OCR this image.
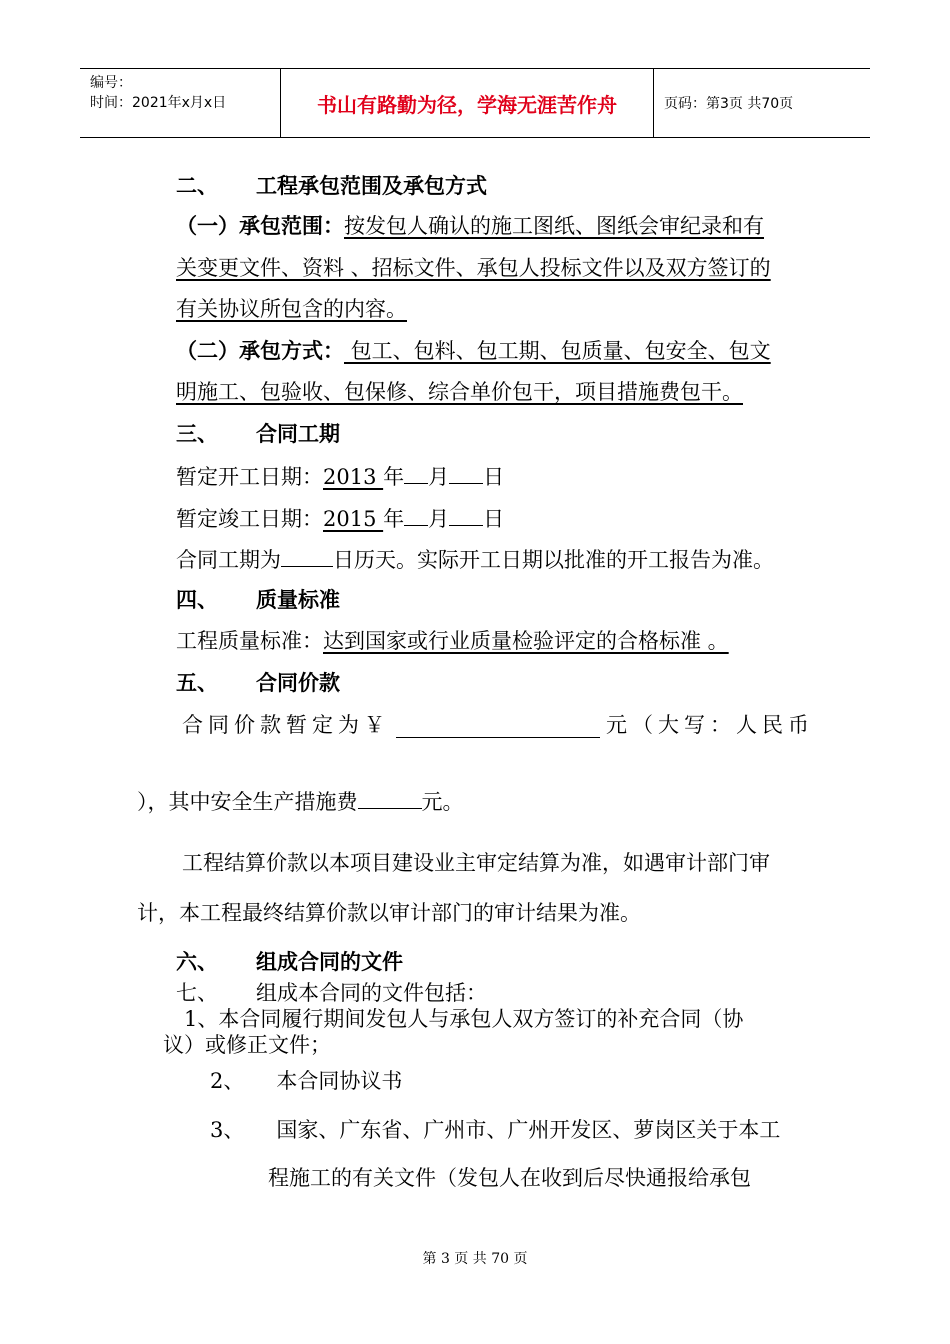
编号：
时间：2021年x月x日	书山有路勤为径，学海无涯苦作舟	页码：第3页 共70页
二、 工程承包范围及承包方式
（一）承包范围：按发包人确认的施工图纸、图纸会审纪录和有
关变更文件、资料 、招标文件、承包人投标文件以及双方签订的
有关协议所包含的内容。
（二）承包方式： 包工、包料、包工期、包质量、包安全、包文
明施工、包验收、包保修、综合单价包干，项目措施费包干。
三、 合同工期
暂定开工日期：2013 年 月 日
暂定竣工日期：2015 年 月 日
合同工期为 日历天。实际开工日期以批准的开工报告为准。
四、 质量标准
工程质量标准：达到国家或行业质量检验评定的合格标准 。
五、 合同价款
合同价款暂定为￥	元（大写：人民币
），其中安全生产措施费	元。
工程结算价款以本项目建设业主审定结算为准，如遇审计部门审
计，本工程最终结算价款以审计部门的审计结果为准。
六、 组成合同的文件
七、 组成本合同的文件包括：
1、本合同履行期间发包人与承包人双方签订的补充合同（协
议）或修正文件；
2、 本合同协议书
3、 国家、广东省、广州市、广州开发区、萝岗区关于本工
程施工的有关文件（发包人在收到后尽快通报给承包
第 3 页 共 70 页
